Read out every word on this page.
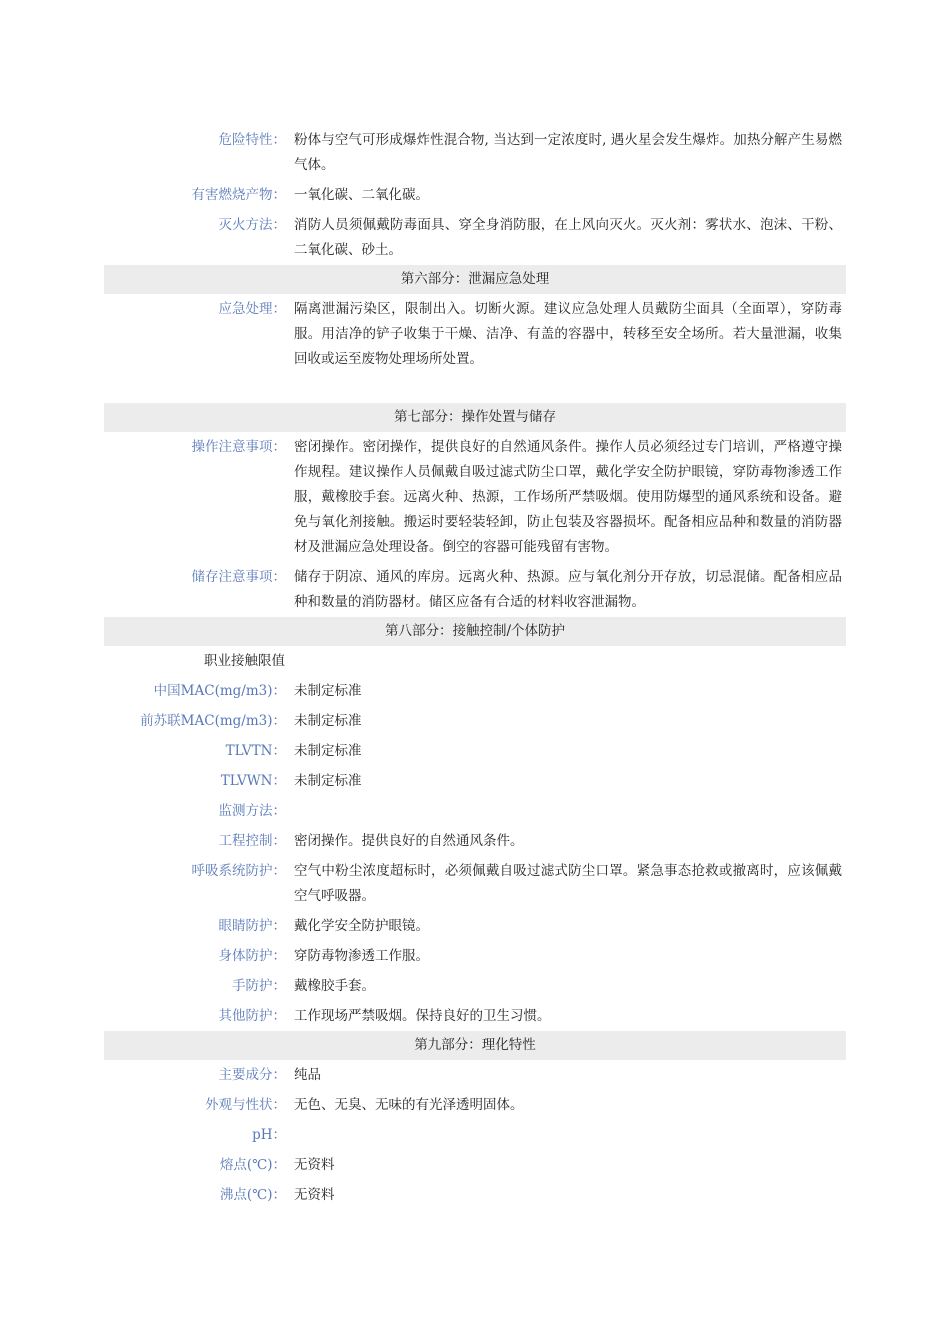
危险特性： 粉体与空气可形成爆炸性混合物, 当达到一定浓度时, 遇火星会发生爆炸。加热分解产生易燃气体。
有害燃烧产物： 一氧化碳、二氧化碳。
灭火方法： 消防人员须佩戴防毒面具、穿全身消防服，在上风向灭火。灭火剂：雾状水、泡沫、干粉、二氧化碳、砂土。
第六部分：泄漏应急处理
应急处理： 隔离泄漏污染区，限制出入。切断火源。建议应急处理人员戴防尘面具（全面罩），穿防毒服。用洁净的铲子收集于干燥、洁净、有盖的容器中，转移至安全场所。若大量泄漏，收集回收或运至废物处理场所处置。
第七部分：操作处置与储存
操作注意事项： 密闭操作。密闭操作，提供良好的自然通风条件。操作人员必须经过专门培训，严格遵守操作规程。建议操作人员佩戴自吸过滤式防尘口罩，戴化学安全防护眼镜，穿防毒物渗透工作服，戴橡胶手套。远离火种、热源，工作场所严禁吸烟。使用防爆型的通风系统和设备。避免与氧化剂接触。搬运时要轻装轻卸，防止包装及容器损坏。配备相应品种和数量的消防器材及泄漏应急处理设备。倒空的容器可能残留有害物。
储存注意事项： 储存于阴凉、通风的库房。远离火种、热源。应与氧化剂分开存放，切忌混储。配备相应品种和数量的消防器材。储区应备有合适的材料收容泄漏物。
第八部分：接触控制/个体防护
职业接触限值
中国MAC(mg/m3)： 未制定标准
前苏联MAC(mg/m3)： 未制定标准
TLVTN： 未制定标准
TLVWN： 未制定标准
监测方法：
工程控制： 密闭操作。提供良好的自然通风条件。
呼吸系统防护： 空气中粉尘浓度超标时，必须佩戴自吸过滤式防尘口罩。紧急事态抢救或撤离时，应该佩戴空气呼吸器。
眼睛防护： 戴化学安全防护眼镜。
身体防护： 穿防毒物渗透工作服。
手防护： 戴橡胶手套。
其他防护： 工作现场严禁吸烟。保持良好的卫生习惯。
第九部分：理化特性
主要成分： 纯品
外观与性状： 无色、无臭、无味的有光泽透明固体。
pH：
熔点(℃)： 无资料
沸点(℃)： 无资料
